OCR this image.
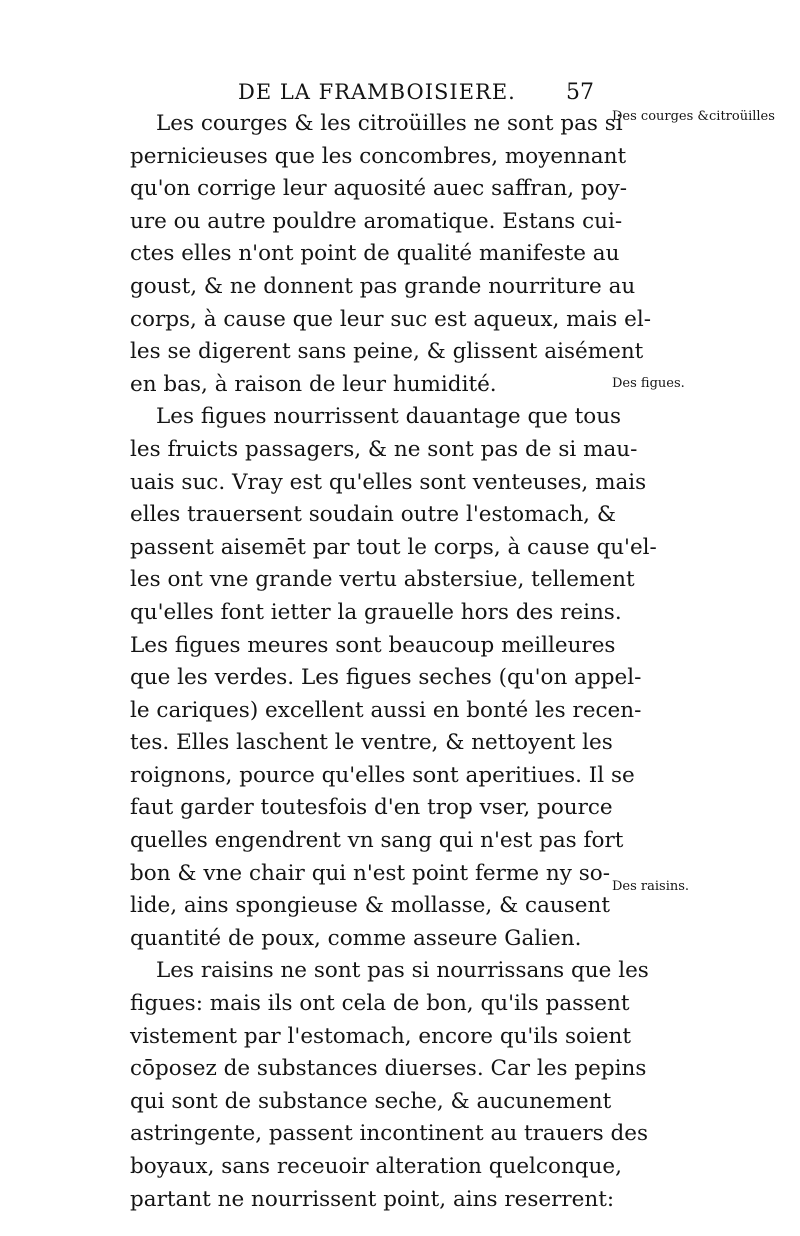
DE LA FRAMBOISIERE. 57
Des courges &citroüilles
Des figues.
Des raisins.
Les courges & les citroüilles ne sont pas si
pernicieuses que les concombres, moyennant
qu'on corrige leur aquosité auec saffran, poy-
ure ou autre pouldre aromatique. Estans cui-
ctes elles n'ont point de qualité manifeste au
goust, & ne donnent pas grande nourriture au
corps, à cause que leur suc est aqueux, mais el-
les se digerent sans peine, & glissent aisément
en bas, à raison de leur humidité.
Les figues nourrissent dauantage que tous
les fruicts passagers, & ne sont pas de si mau-
uais suc. Vray est qu'elles sont venteuses, mais
elles trauersent soudain outre l'estomach, &
passent aisemēt par tout le corps, à cause qu'el-
les ont vne grande vertu abstersiue, tellement
qu'elles font ietter la grauelle hors des reins.
Les figues meures sont beaucoup meilleures
que les verdes. Les figues seches (qu'on appel-
le cariques) excellent aussi en bonté les recen-
tes. Elles laschent le ventre, & nettoyent les
roignons, pource qu'elles sont aperitiues. Il se
faut garder toutesfois d'en trop vser, pource
quelles engendrent vn sang qui n'est pas fort
bon & vne chair qui n'est point ferme ny so-
lide, ains spongieuse & mollasse, & causent
quantité de poux, comme asseure Galien.
Les raisins ne sont pas si nourrissans que les
figues: mais ils ont cela de bon, qu'ils passent
vistement par l'estomach, encore qu'ils soient
cōposez de substances diuerses. Car les pepins
qui sont de substance seche, & aucunement
astringente, passent incontinent au trauers des
boyaux, sans receuoir alteration quelconque,
partant ne nourrissent point, ains reserrent:
